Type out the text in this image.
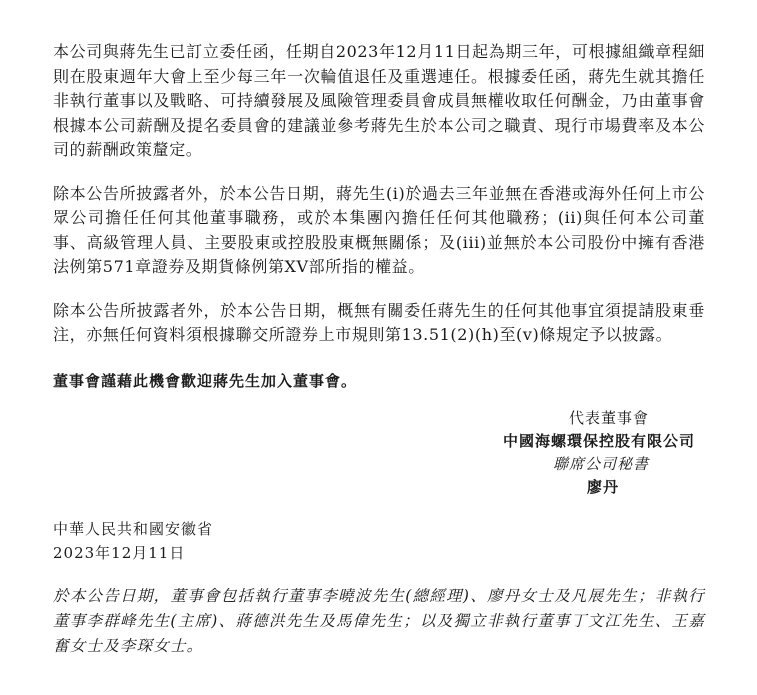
本公司與蔣先生已訂立委任函，任期自2023年12月11日起為期三年，可根據組織章程細則在股東週年大會上至少每三年一次輪值退任及重選連任。根據委任函，蔣先生就其擔任非執行董事以及戰略、可持續發展及風險管理委員會成員無權收取任何酬金，乃由董事會根據本公司薪酬及提名委員會的建議並參考蔣先生於本公司之職責、現行市場費率及本公司的薪酬政策釐定。

除本公告所披露者外，於本公告日期，蔣先生(i)於過去三年並無在香港或海外任何上市公眾公司擔任任何其他董事職務，或於本集團內擔任任何其他職務；(ii)與任何本公司董事、高級管理人員、主要股東或控股股東概無關係；及(iii)並無於本公司股份中擁有香港法例第571章證券及期貨條例第XV部所指的權益。

除本公告所披露者外，於本公告日期，概無有關委任蔣先生的任何其他事宜須提請股東垂注，亦無任何資料須根據聯交所證券上市規則第13.51(2)(h)至(v)條規定予以披露。

董事會謹藉此機會歡迎蔣先生加入董事會。
代表董事會
中國海螺環保控股有限公司
聯席公司秘書
廖丹
中華人民共和國安徽省
2023年12月11日

於本公告日期，董事會包括執行董事李曉波先生(總經理)、廖丹女士及凡展先生；非執行董事李群峰先生(主席)、蔣德洪先生及馬偉先生；以及獨立非執行董事丁文江先生、王嘉奮女士及李琛女士。
